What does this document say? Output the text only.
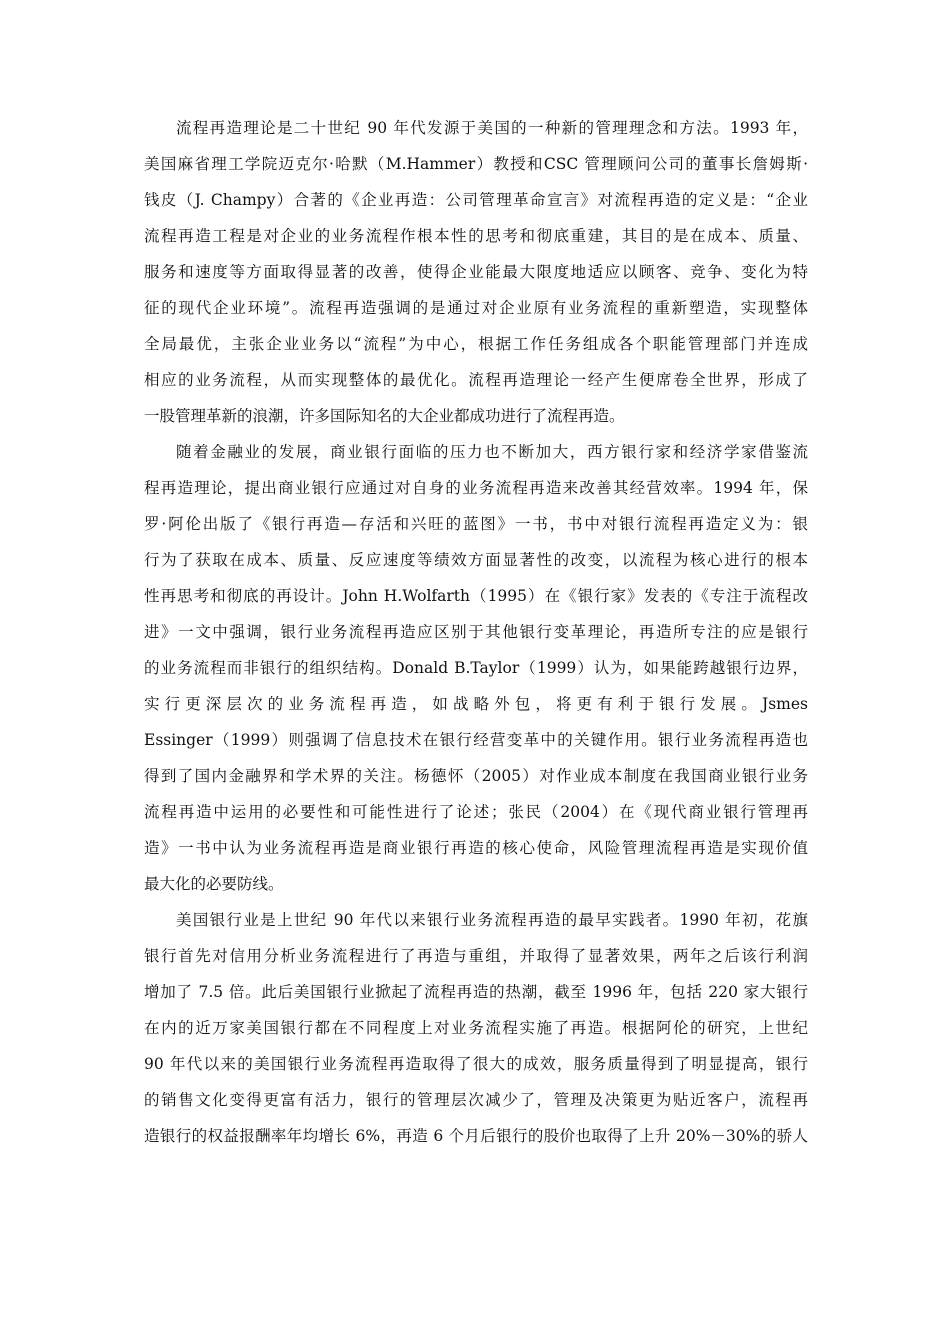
流程再造理论是二十世纪 90 年代发源于美国的一种新的管理理念和方法。1993 年，
美国麻省理工学院迈克尔·哈默（M.Hammer）教授和CSC 管理顾问公司的董事长詹姆斯·
钱皮（J. Champy）合著的《企业再造：公司管理革命宣言》对流程再造的定义是：“企业
流程再造工程是对企业的业务流程作根本性的思考和彻底重建，其目的是在成本、质量、
服务和速度等方面取得显著的改善，使得企业能最大限度地适应以顾客、竞争、变化为特
征的现代企业环境”。流程再造强调的是通过对企业原有业务流程的重新塑造，实现整体
全局最优，主张企业业务以“流程”为中心，根据工作任务组成各个职能管理部门并连成
相应的业务流程，从而实现整体的最优化。流程再造理论一经产生便席卷全世界，形成了
一股管理革新的浪潮，许多国际知名的大企业都成功进行了流程再造。
随着金融业的发展，商业银行面临的压力也不断加大，西方银行家和经济学家借鉴流
程再造理论，提出商业银行应通过对自身的业务流程再造来改善其经营效率。1994 年，保
罗·阿伦出版了《银行再造—存活和兴旺的蓝图》一书，书中对银行流程再造定义为：银
行为了获取在成本、质量、反应速度等绩效方面显著性的改变，以流程为核心进行的根本
性再思考和彻底的再设计。John H.Wolfarth（1995）在《银行家》发表的《专注于流程改
进》一文中强调，银行业务流程再造应区别于其他银行变革理论，再造所专注的应是银行
的业务流程而非银行的组织结构。Donald B.Taylor（1999）认为，如果能跨越银行边界，
实行更深层次的业务流程再造，如战略外包，将更有利于银行发展。Jsmes
Essinger（1999）则强调了信息技术在银行经营变革中的关键作用。银行业务流程再造也
得到了国内金融界和学术界的关注。杨德怀（2005）对作业成本制度在我国商业银行业务
流程再造中运用的必要性和可能性进行了论述；张民（2004）在《现代商业银行管理再
造》一书中认为业务流程再造是商业银行再造的核心使命，风险管理流程再造是实现价值
最大化的必要防线。
美国银行业是上世纪 90 年代以来银行业务流程再造的最早实践者。1990 年初，花旗
银行首先对信用分析业务流程进行了再造与重组，并取得了显著效果，两年之后该行利润
增加了 7.5 倍。此后美国银行业掀起了流程再造的热潮，截至 1996 年，包括 220 家大银行
在内的近万家美国银行都在不同程度上对业务流程实施了再造。根据阿伦的研究，上世纪
90 年代以来的美国银行业务流程再造取得了很大的成效，服务质量得到了明显提高，银行
的销售文化变得更富有活力，银行的管理层次减少了，管理及决策更为贴近客户，流程再
造银行的权益报酬率年均增长 6%，再造 6 个月后银行的股价也取得了上升 20%－30%的骄人
